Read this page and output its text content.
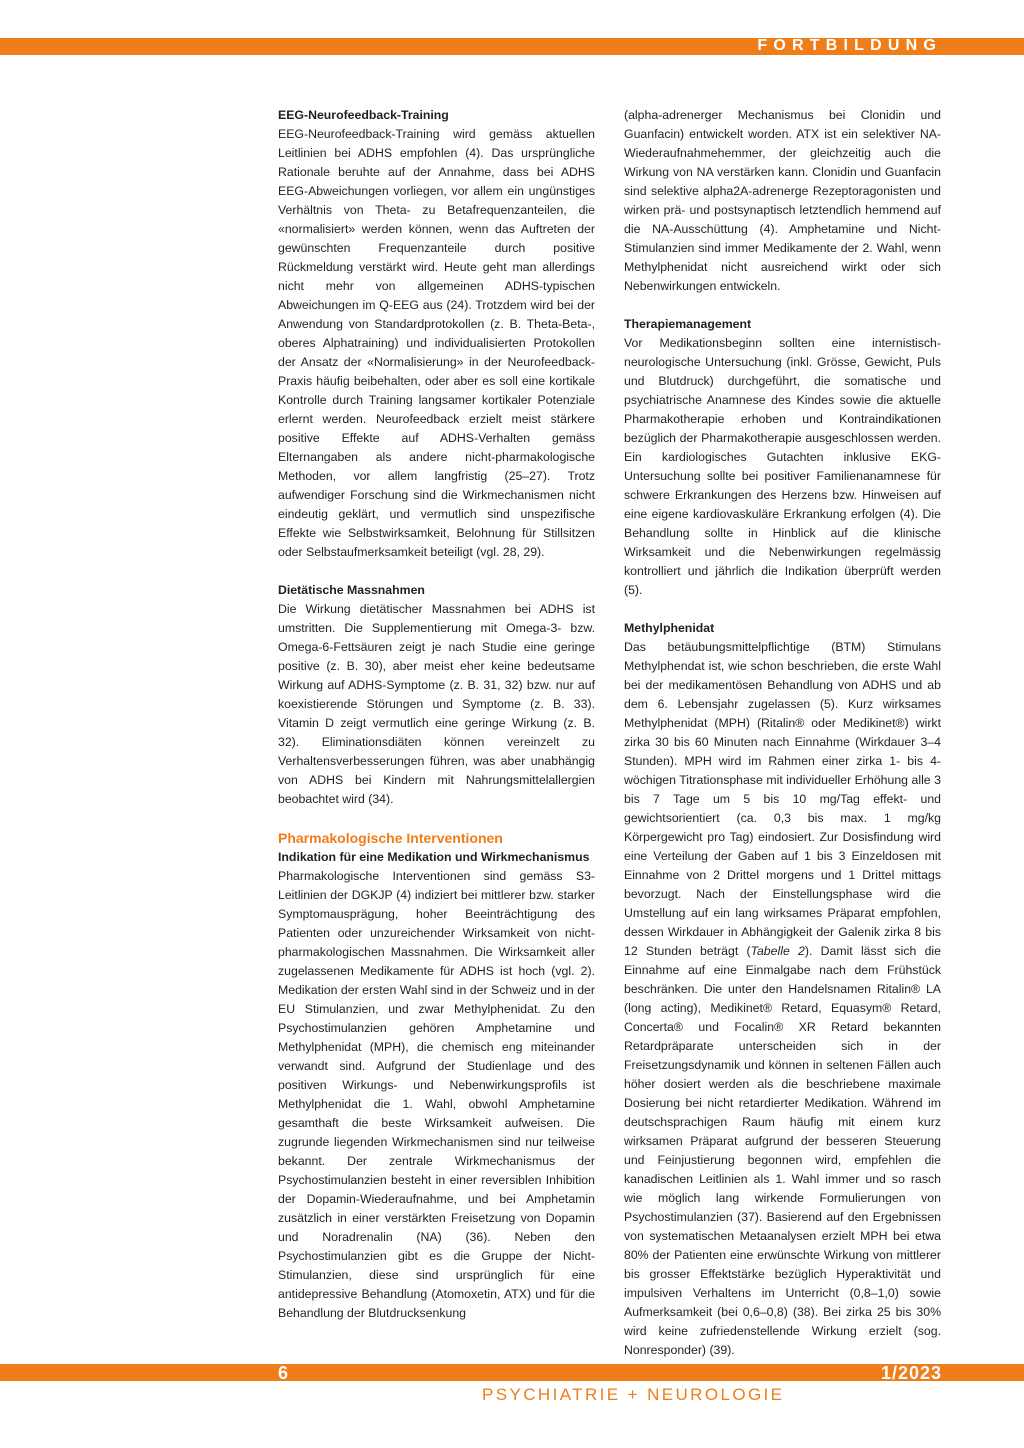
FORTBILDUNG
EEG-Neurofeedback-Training

EEG-Neurofeedback-Training wird gemäss aktuellen Leitlinien bei ADHS empfohlen (4). Das ursprüngliche Rationale beruhte auf der Annahme, dass bei ADHS EEG-Abweichungen vorliegen, vor allem ein ungünstiges Verhältnis von Theta- zu Betafrequenzanteilen, die «normalisiert» werden können, wenn das Auftreten der gewünschten Frequenzanteile durch positive Rückmeldung verstärkt wird. Heute geht man allerdings nicht mehr von allgemeinen ADHS-typischen Abweichungen im Q-EEG aus (24). Trotzdem wird bei der Anwendung von Standardprotokollen (z. B. Theta-Beta-, oberes Alphatraining) und individualisierten Protokollen der Ansatz der «Normalisierung» in der Neurofeedback-Praxis häufig beibehalten, oder aber es soll eine kortikale Kontrolle durch Training langsamer kortikaler Potenziale erlernt werden. Neurofeedback erzielt meist stärkere positive Effekte auf ADHS-Verhalten gemäss Elternangaben als andere nicht-pharmakologische Methoden, vor allem langfristig (25–27). Trotz aufwendiger Forschung sind die Wirkmechanismen nicht eindeutig geklärt, und vermutlich sind unspezifische Effekte wie Selbstwirksamkeit, Belohnung für Stillsitzen oder Selbstaufmerksamkeit beteiligt (vgl. 28, 29).

Dietätische Massnahmen

Die Wirkung dietätischer Massnahmen bei ADHS ist umstritten. Die Supplementierung mit Omega-3- bzw. Omega-6-Fettsäuren zeigt je nach Studie eine geringe positive (z. B. 30), aber meist eher keine bedeutsame Wirkung auf ADHS-Symptome (z. B. 31, 32) bzw. nur auf koexistierende Störungen und Symptome (z. B. 33). Vitamin D zeigt vermutlich eine geringe Wirkung (z. B. 32). Eliminationsdiäten können vereinzelt zu Verhaltensverbesserungen führen, was aber unabhängig von ADHS bei Kindern mit Nahrungsmittelallergien beobachtet wird (34).

Pharmakologische Interventionen
Indikation für eine Medikation und Wirkmechanismus

Pharmakologische Interventionen sind gemäss S3-Leitlinien der DGKJP (4) indiziert bei mittlerer bzw. starker Symptomausprägung, hoher Beeinträchtigung des Patienten oder unzureichender Wirksamkeit von nicht-pharmakologischen Massnahmen. Die Wirksamkeit aller zugelassenen Medikamente für ADHS ist hoch (vgl. 2). Medikation der ersten Wahl sind in der Schweiz und in der EU Stimulanzien, und zwar Methylphenidat. Zu den Psychostimulanzien gehören Amphetamine und Methylphenidat (MPH), die chemisch eng miteinander verwandt sind. Aufgrund der Studienlage und des positiven Wirkungs- und Nebenwirkungsprofils ist Methylphenidat die 1. Wahl, obwohl Amphetamine gesamthaft die beste Wirksamkeit aufweisen. Die zugrunde liegenden Wirkmechanismen sind nur teilweise bekannt. Der zentrale Wirkmechanismus der Psychostimulanzien besteht in einer reversiblen Inhibition der Dopamin-Wiederaufnahme, und bei Amphetamin zusätzlich in einer verstärkten Freisetzung von Dopamin und Noradrenalin (NA) (36). Neben den Psychostimulanzien gibt es die Gruppe der Nicht-Stimulanzien, diese sind ursprünglich für eine antidepressive Behandlung (Atomoxetin, ATX) und für die Behandlung der Blutdrucksenkung

(alpha-adrenerger Mechanismus bei Clonidin und Guanfacin) entwickelt worden. ATX ist ein selektiver NA-Wiederaufnahmehemmer, der gleichzeitig auch die Wirkung von NA verstärken kann. Clonidin und Guanfacin sind selektive alpha2A-adrenerge Rezeptoragonisten und wirken prä- und postsynaptisch letztendlich hemmend auf die NA-Ausschüttung (4). Amphetamine und Nicht-Stimulanzien sind immer Medikamente der 2. Wahl, wenn Methylphenidat nicht ausreichend wirkt oder sich Nebenwirkungen entwickeln.

Therapiemanagement

Vor Medikationsbeginn sollten eine internistisch-neurologische Untersuchung (inkl. Grösse, Gewicht, Puls und Blutdruck) durchgeführt, die somatische und psychiatrische Anamnese des Kindes sowie die aktuelle Pharmakotherapie erhoben und Kontraindikationen bezüglich der Pharmakotherapie ausgeschlossen werden. Ein kardiologisches Gutachten inklusive EKG-Untersuchung sollte bei positiver Familienanamnese für schwere Erkrankungen des Herzens bzw. Hinweisen auf eine eigene kardiovaskuläre Erkrankung erfolgen (4). Die Behandlung sollte in Hinblick auf die klinische Wirksamkeit und die Nebenwirkungen regelmässig kontrolliert und jährlich die Indikation überprüft werden (5).

Methylphenidat

Das betäubungsmittelpflichtige (BTM) Stimulans Methylphendat ist, wie schon beschrieben, die erste Wahl bei der medikamentösen Behandlung von ADHS und ab dem 6. Lebensjahr zugelassen (5). Kurz wirksames Methylphenidat (MPH) (Ritalin® oder Medikinet®) wirkt zirka 30 bis 60 Minuten nach Einnahme (Wirkdauer 3–4 Stunden). MPH wird im Rahmen einer zirka 1- bis 4-wöchigen Titrationsphase mit individueller Erhöhung alle 3 bis 7 Tage um 5 bis 10 mg/Tag effekt- und gewichtsorientiert (ca. 0,3 bis max. 1 mg/kg Körpergewicht pro Tag) eindosiert. Zur Dosisfindung wird eine Verteilung der Gaben auf 1 bis 3 Einzeldosen mit Einnahme von 2 Drittel morgens und 1 Drittel mittags bevorzugt. Nach der Einstellungsphase wird die Umstellung auf ein lang wirksames Präparat empfohlen, dessen Wirkdauer in Abhängigkeit der Galenik zirka 8 bis 12 Stunden beträgt (Tabelle 2). Damit lässt sich die Einnahme auf eine Einmalgabe nach dem Frühstück beschränken. Die unter den Handelsnamen Ritalin® LA (long acting), Medikinet® Retard, Equasym® Retard, Concerta® und Focalin® XR Retard bekannten Retardpräparate unterscheiden sich in der Freisetzungsdynamik und können in seltenen Fällen auch höher dosiert werden als die beschriebene maximale Dosierung bei nicht retardierter Medikation. Während im deutschsprachigen Raum häufig mit einem kurz wirksamen Präparat aufgrund der besseren Steuerung und Feinjustierung begonnen wird, empfehlen die kanadischen Leitlinien als 1. Wahl immer und so rasch wie möglich lang wirkende Formulierungen von Psychostimulanzien (37). Basierend auf den Ergebnissen von systematischen Metaanalysen erzielt MPH bei etwa 80% der Patienten eine erwünschte Wirkung von mittlerer bis grosser Effektstärke bezüglich Hyperaktivität und impulsiven Verhaltens im Unterricht (0,8–1,0) sowie Aufmerksamkeit (bei 0,6–0,8) (38). Bei zirka 25 bis 30% wird keine zufriedenstellende Wirkung erzielt (sog. Nonresponder) (39).

6	1/2023
PSYCHIATRIE + NEUROLOGIE
